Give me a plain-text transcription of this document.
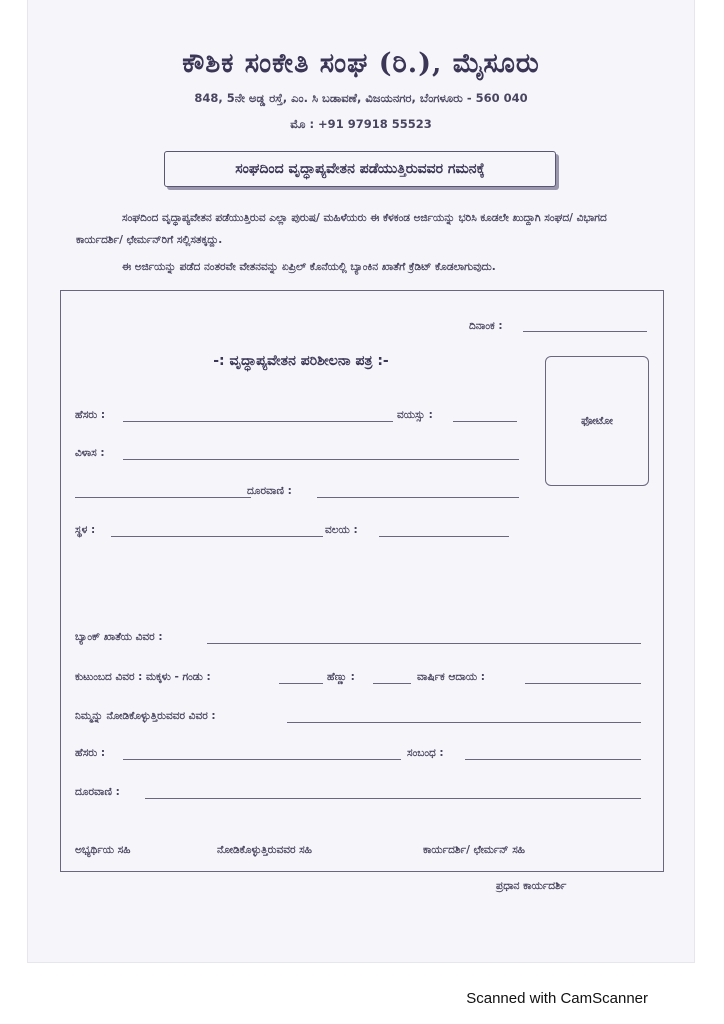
ಕೌಶಿಕ ಸಂಕೇತಿ ಸಂಘ (ರಿ.), ಮೈಸೂರು
848, 5ನೇ ಅಡ್ಡ ರಸ್ತೆ, ಎಂ. ಸಿ ಬಡಾವಣೆ, ವಿಜಯನಗರ, ಬೆಂಗಳೂರು - 560 040
ಮೊ : +91 97918 55523
ಸಂಘದಿಂದ ವೃದ್ಧಾಪ್ಯವೇತನ ಪಡೆಯುತ್ತಿರುವವರ ಗಮನಕ್ಕೆ
ಸಂಘದಿಂದ ವೃದ್ಧಾಪ್ಯವೇತನ ಪಡೆಯುತ್ತಿರುವ ಎಲ್ಲಾ ಪುರುಷ/ ಮಹಿಳೆಯರು ಈ ಕೆಳಕಂಡ ಅರ್ಜಿಯನ್ನು ಭರಿಸಿ ಕೂಡಲೇ ಖುದ್ದಾಗಿ ಸಂಘದ/ ವಿಭಾಗದ ಕಾರ್ಯದರ್ಶಿ/ ಛೇರ್ಮನ್‌ರಿಗೆ ಸಲ್ಲಿಸತಕ್ಕದ್ದು.
ಈ ಅರ್ಜಿಯನ್ನು ಪಡೆದ ನಂತರವೇ ವೇತನವನ್ನು ಏಪ್ರಿಲ್ ಕೊನೆಯಲ್ಲಿ ಬ್ಯಾಂಕಿನ ಖಾತೆಗೆ ಕ್ರೆಡಿಟ್ ಕೊಡಲಾಗುವುದು.
ದಿನಾಂಕ :
-: ವೃದ್ಧಾಪ್ಯವೇತನ ಪರಿಶೀಲನಾ ಪತ್ರ :-
ಫೋಟೋ
ಹೆಸರು :	ವಯಸ್ಸು :
ವಿಳಾಸ :
ದೂರವಾಣಿ :
ಸ್ಥಳ :	ವಲಯ :
ಬ್ಯಾಂಕ್ ಖಾತೆಯ ವಿವರ :
ಕುಟುಂಬದ ವಿವರ : ಮಕ್ಕಳು - ಗಂಡು :	ಹೆಣ್ಣು :	ವಾರ್ಷಿಕ ಆದಾಯ :
ನಿಮ್ಮನ್ನು ನೋಡಿಕೊಳ್ಳುತ್ತಿರುವವರ ವಿವರ :
ಹೆಸರು :	ಸಂಬಂಧ :
ದೂರವಾಣಿ :
ಅಭ್ಯರ್ಥಿಯ ಸಹಿ	ನೋಡಿಕೊಳ್ಳುತ್ತಿರುವವರ ಸಹಿ	ಕಾರ್ಯದರ್ಶಿ/ ಛೇರ್ಮನ್ ಸಹಿ
ಪ್ರಧಾನ ಕಾರ್ಯದರ್ಶಿ
Scanned with CamScanner
